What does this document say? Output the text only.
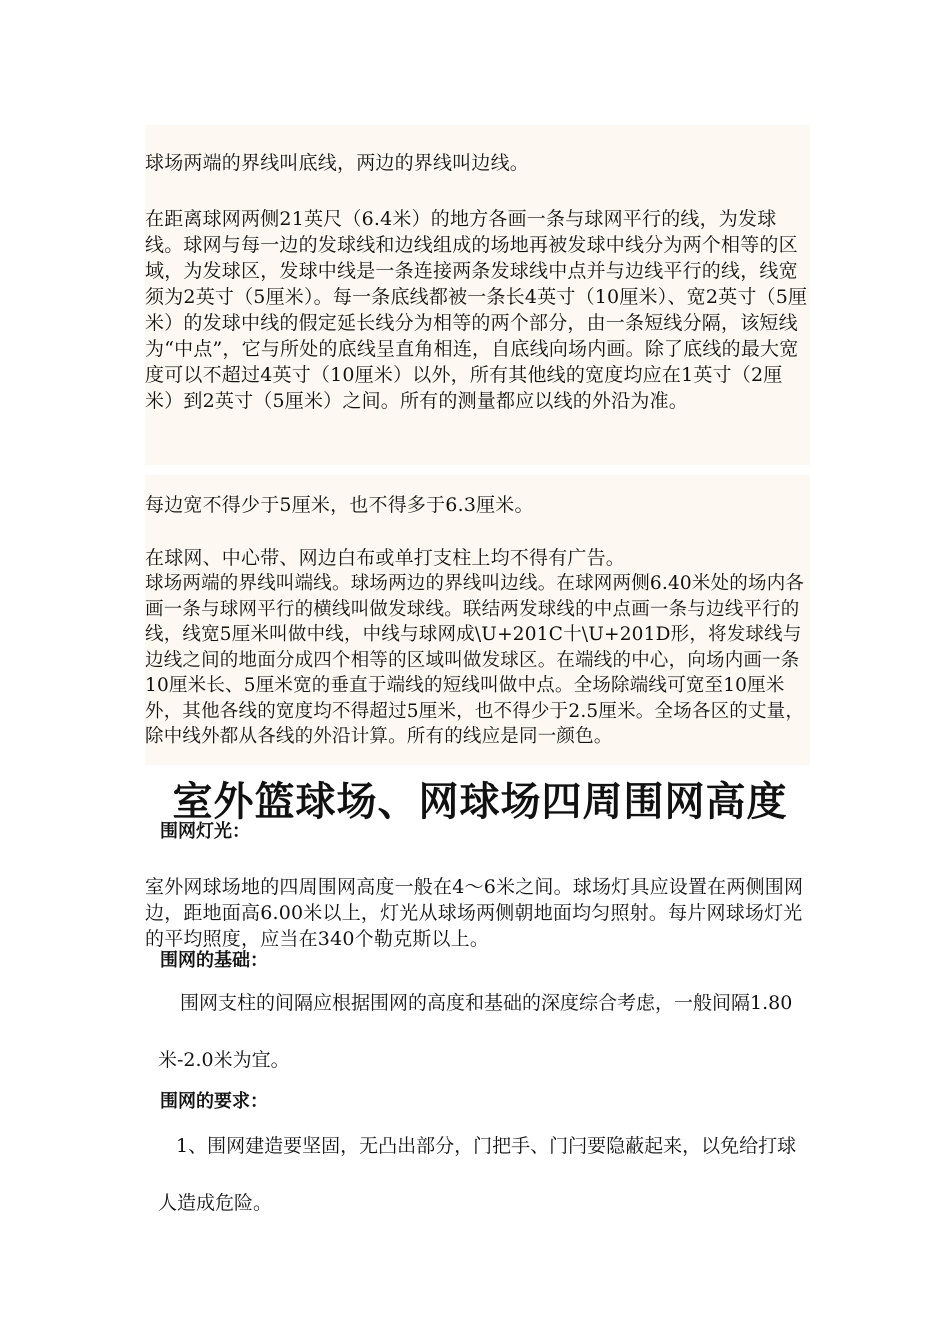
球场两端的界线叫底线，两边的界线叫边线。

在距离球网两侧21英尺（6.4米）的地方各画一条与球网平行的线，为发球线。球网与每一边的发球线和边线组成的场地再被发球中线分为两个相等的区域，为发球区，发球中线是一条连接两条发球线中点并与边线平行的线，线宽须为2英寸（5厘米）。每一条底线都被一条长4英寸（10厘米）、宽2英寸（5厘米）的发球中线的假定延长线分为相等的两个部分，由一条短线分隔，该短线为“中点”，它与所处的底线呈直角相连，自底线向场内画。除了底线的最大宽度可以不超过4英寸（10厘米）以外，所有其他线的宽度均应在1英寸（2厘米）到2英寸（5厘米）之间。所有的测量都应以线的外沿为准。

每边宽不得少于5厘米，也不得多于6.3厘米。

在球网、中心带、网边白布或单打支柱上均不得有广告。

球场两端的界线叫端线。球场两边的界线叫边线。在球网两侧6.40米处的场内各画一条与球网平行的横线叫做发球线。联结两发球线的中点画一条与边线平行的线，线宽5厘米叫做中线，中线与球网成\U+201C十\U+201D形，将发球线与边线之间的地面分成四个相等的区域叫做发球区。在端线的中心，向场内画一条10厘米长、5厘米宽的垂直于端线的短线叫做中点。全场除端线可宽至10厘米外，其他各线的宽度均不得超过5厘米，也不得少于2.5厘米。全场各区的丈量，除中线外都从各线的外沿计算。所有的线应是同一颜色。

室外篮球场、网球场四周围网高度

围网灯光：

室外网球场地的四周围网高度一般在4～6米之间。球场灯具应设置在两侧围网边，距地面高6.00米以上，灯光从球场两侧朝地面均匀照射。每片网球场灯光的平均照度，应当在340个勒克斯以上。

围网的基础：

围网支柱的间隔应根据围网的高度和基础的深度综合考虑，一般间隔1.80米-2.0米为宜。

围网的要求：

1、围网建造要坚固，无凸出部分，门把手、门闩要隐蔽起来，以免给打球人造成危险。
